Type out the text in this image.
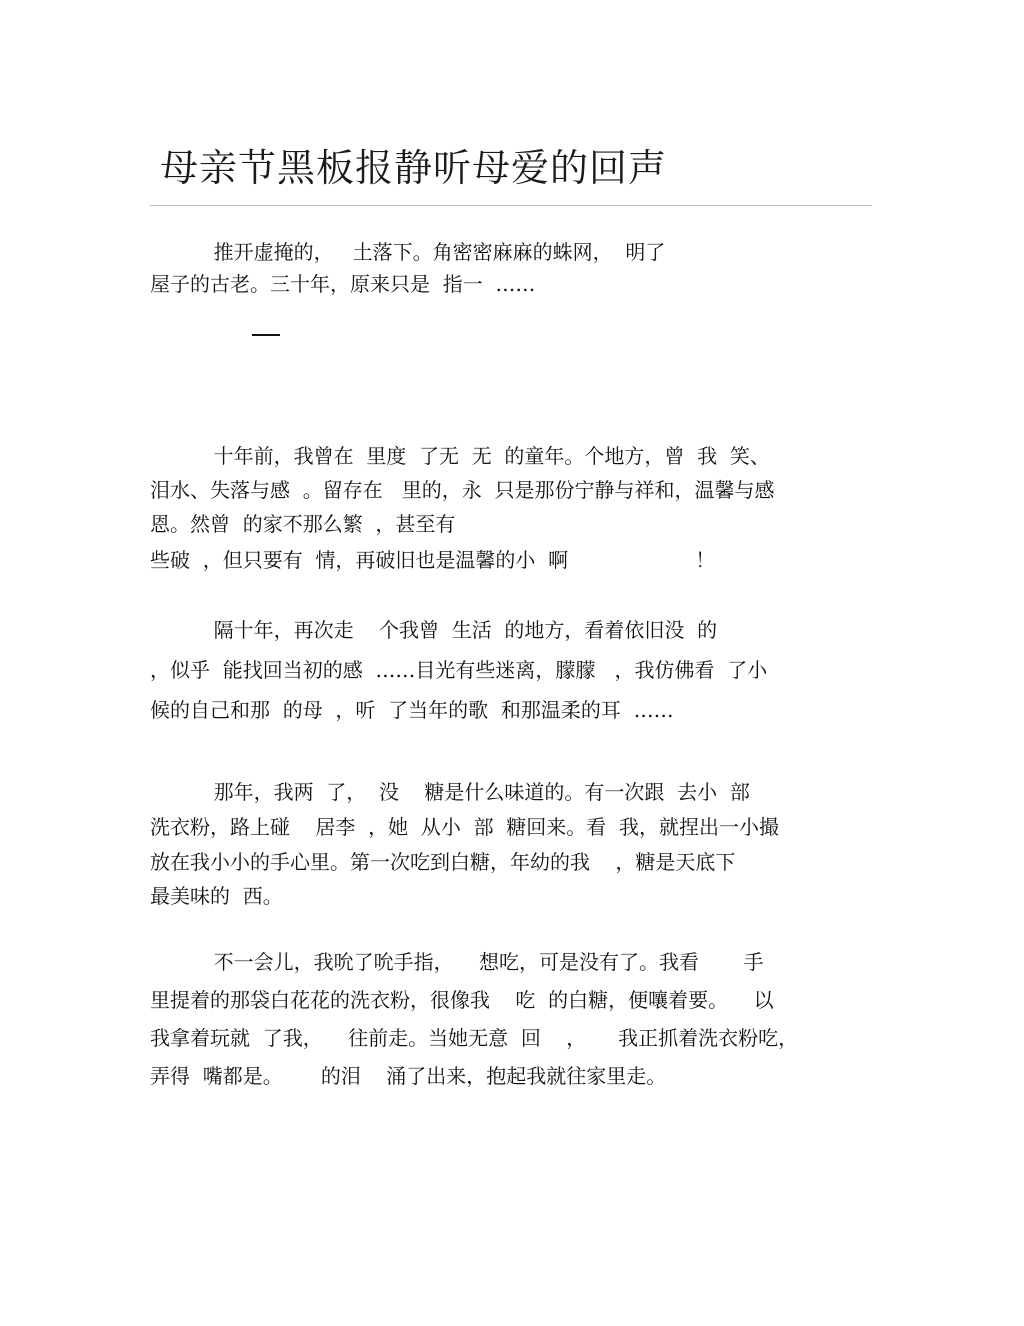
母亲节黑板报静听母爱的回声
推开虚掩的，   土落下。角密密麻麻的蛛网，  明了
屋子的古老。三十年，原来只是  指一  ……
十年前，我曾在  里度  了无  无  的童年。个地方，曾  我  笑、
泪水、失落与感  。留存在   里的，永  只是那份宁静与祥和，温馨与感
恩。然曾  的家不那么繁  ，甚至有
些破  ，但只要有  情，再破旧也是温馨的小  啊                    ！
隔十年，再次走    个我曾  生活  的地方，看着依旧没  的
，似乎  能找回当初的感  ……目光有些迷离，朦朦   ，我仿佛看  了小
候的自己和那  的母  ，听  了当年的歌  和那温柔的耳  ……
那年，我两  了，  没    糖是什么味道的。有一次跟  去小  部
洗衣粉，路上碰    居李  ，她  从小  部  糖回来。看  我，就捏出一小撮
放在我小小的手心里。第一次吃到白糖，年幼的我    ，糖是天底下
最美味的  西。
不一会儿，我吮了吮手指，    想吃，可是没有了。我看       手
里提着的那袋白花花的洗衣粉，很像我    吃  的白糖，便嚷着要。    以
我拿着玩就  了我，    往前走。当她无意  回    ，     我正抓着洗衣粉吃，
弄得  嘴都是。      的泪    涌了出来，抱起我就往家里走。
